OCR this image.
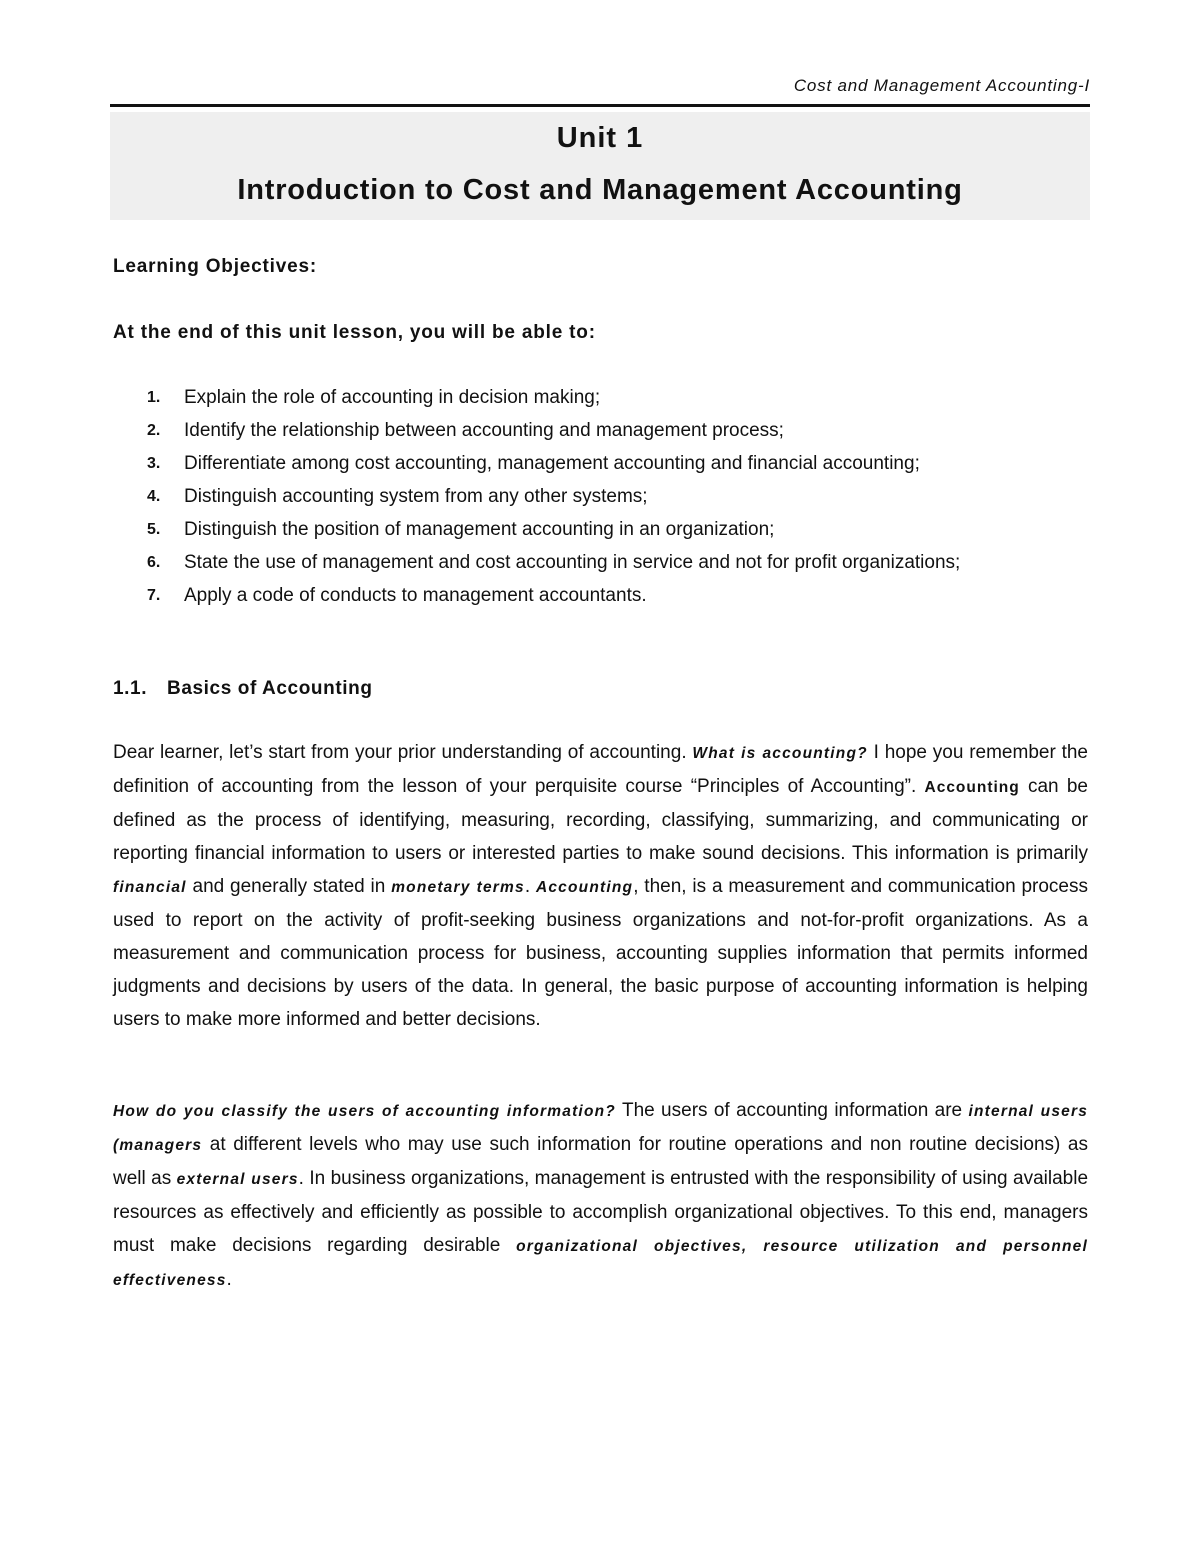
Cost and Management Accounting-I
Unit 1
Introduction to Cost and Management Accounting
Learning Objectives:
At the end of this unit lesson, you will be able to:
1. Explain the role of accounting in decision making;
2. Identify the relationship between accounting and management process;
3. Differentiate among cost accounting, management accounting and financial accounting;
4. Distinguish accounting system from any other systems;
5. Distinguish the position of management accounting in an organization;
6. State the use of management and cost accounting in service and not for profit organizations;
7. Apply a code of conducts to management accountants.
1.1. Basics of Accounting

Dear learner, let’s start from your prior understanding of accounting. What is accounting? I hope you remember the definition of accounting from the lesson of your perquisite course “Principles of Accounting”. Accounting can be defined as the process of identifying, measuring, recording, classifying, summarizing, and communicating or reporting financial information to users or interested parties to make sound decisions. This information is primarily financial and generally stated in monetary terms. Accounting, then, is a measurement and communication process used to report on the activity of profit-seeking business organizations and not-for-profit organizations. As a measurement and communication process for business, accounting supplies information that permits informed judgments and decisions by users of the data. In general, the basic purpose of accounting information is helping users to make more informed and better decisions.

How do you classify the users of accounting information? The users of accounting information are internal users (managers at different levels who may use such information for routine operations and non routine decisions) as well as external users. In business organizations, management is entrusted with the responsibility of using available resources as effectively and efficiently as possible to accomplish organizational objectives. To this end, managers must make decisions regarding desirable organizational objectives, resource utilization and personnel effectiveness.
